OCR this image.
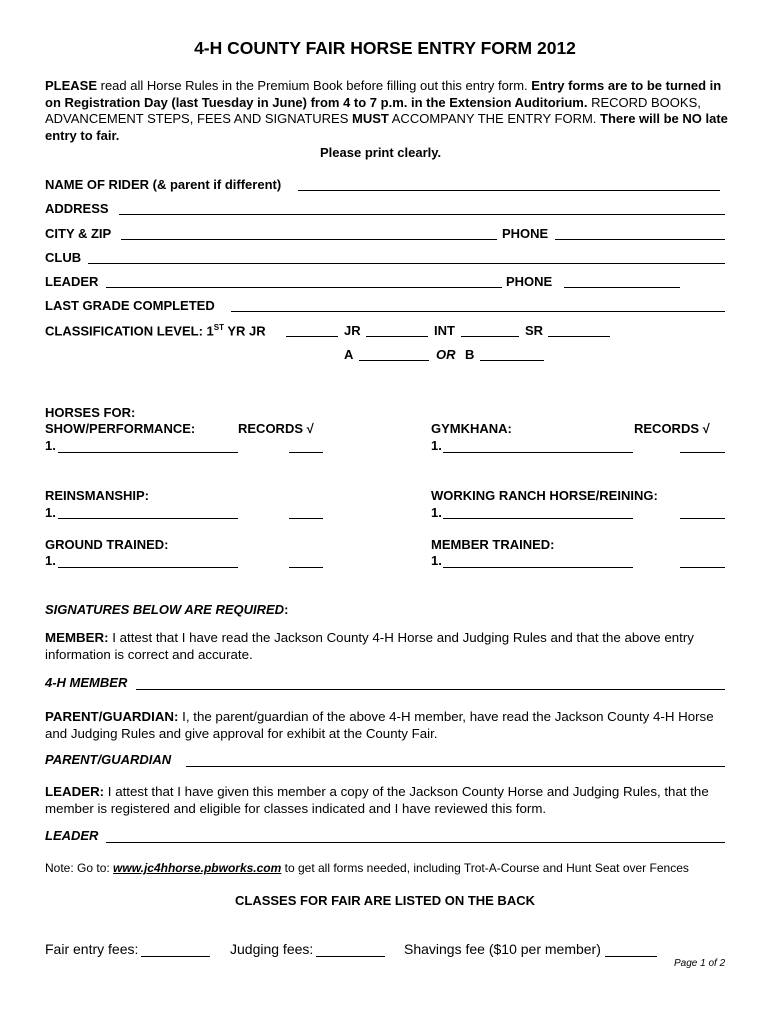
4-H COUNTY FAIR HORSE ENTRY FORM 2012
PLEASE read all Horse Rules in the Premium Book before filling out this entry form. Entry forms are to be turned in on Registration Day (last Tuesday in June) from 4 to 7 p.m. in the Extension Auditorium. RECORD BOOKS, ADVANCEMENT STEPS, FEES AND SIGNATURES MUST ACCOMPANY THE ENTRY FORM. There will be NO late entry to fair.
Please print clearly.
NAME OF RIDER (& parent if different)
ADDRESS
CITY & ZIP	PHONE
CLUB
LEADER	PHONE
LAST GRADE COMPLETED
CLASSIFICATION LEVEL: 1ST YR JR	JR	INT	SR
A	OR B
HORSES FOR:
SHOW/PERFORMANCE:	RECORDS √	GYMKHANA:	RECORDS √
1.	1.
REINSMANSHIP:	WORKING RANCH HORSE/REINING:
1.	1.
GROUND TRAINED:	MEMBER TRAINED:
1.	1.
SIGNATURES BELOW ARE REQUIRED:
MEMBER: I attest that I have read the Jackson County 4-H Horse and Judging Rules and that the above entry information is correct and accurate.
4-H MEMBER
PARENT/GUARDIAN: I, the parent/guardian of the above 4-H member, have read the Jackson County 4-H Horse and Judging Rules and give approval for exhibit at the County Fair.
PARENT/GUARDIAN
LEADER: I attest that I have given this member a copy of the Jackson County Horse and Judging Rules, that the member is registered and eligible for classes indicated and I have reviewed this form.
LEADER
Note: Go to: www.jc4hhorse.pbworks.com to get all forms needed, including Trot-A-Course and Hunt Seat over Fences
CLASSES FOR FAIR ARE LISTED ON THE BACK
Fair entry fees:	Judging fees:	Shavings fee ($10 per member)
Page 1 of 2
